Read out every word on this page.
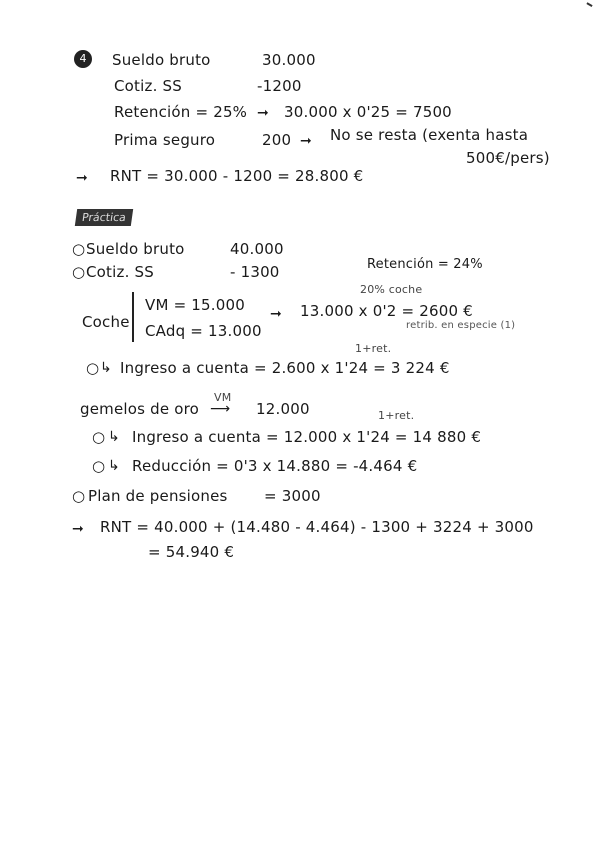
4	Sueldo bruto	30.000
Cotiz. SS	-1200
Retención = 25% ➞ 30.000 x 0'25 = 7500
Prima seguro	200 ➞ No se resta (exenta hasta
500€/pers)
➞ RNT = 30.000 - 1200 = 28.800 €
Práctica
○ Sueldo bruto	40.000
○ Cotiz. SS	- 1300	Retención = 24%
Coche
VM = 15.000
CAdq = 13.000
20% coche
➞ 13.000 x 0'2 = 2600 €
retrib. en especie (1)
1+ret.
○ ↳ Ingreso a cuenta = 2.600 x 1'24 = 3 224 €
gemelos de oro
VM
⟶ 12.000	1+ret.
○ ↳ Ingreso a cuenta = 12.000 x 1'24 = 14 880 €
○ ↳ Reducción = 0'3 x 14.880 = -4.464 €
○ Plan de pensiones = 3000
➞ RNT = 40.000 + (14.480 - 4.464) - 1300 + 3224 + 3000
= 54.940 €
